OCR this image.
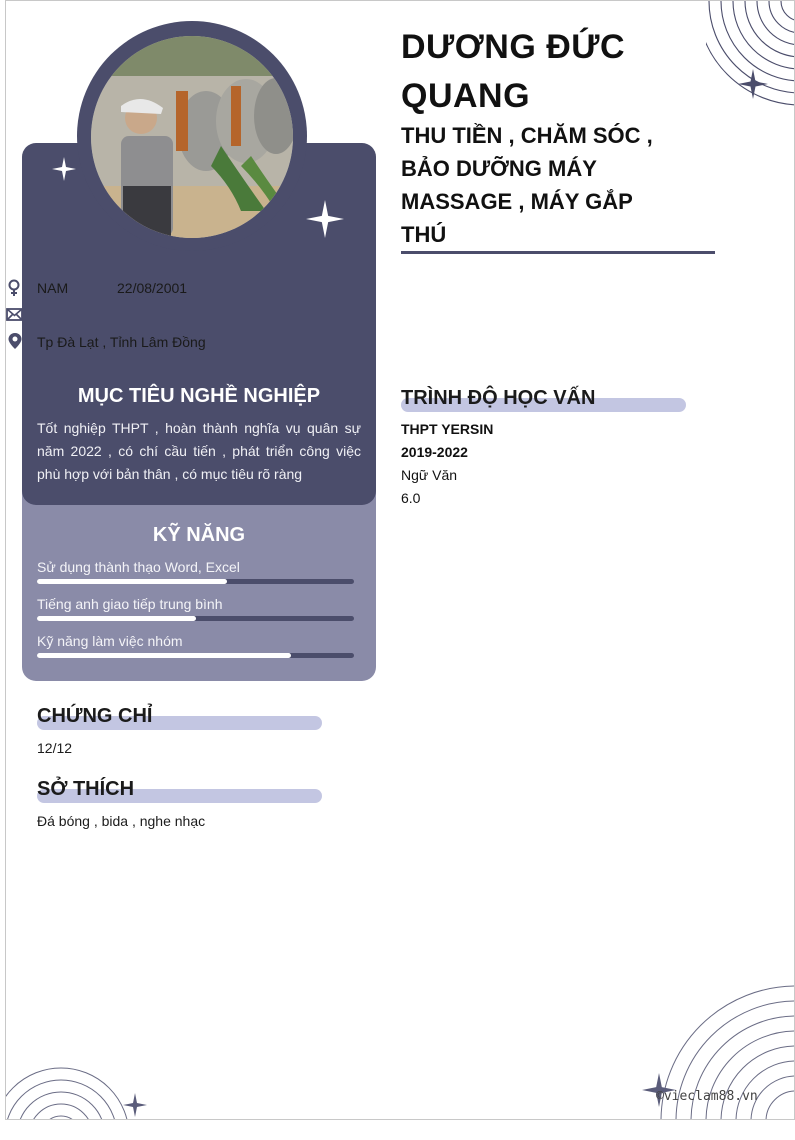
NAM	22/08/2001
Tp Đà Lạt , Tỉnh Lâm Đồng
MỤC TIÊU NGHỀ NGHIỆP
Tốt nghiệp THPT , hoàn thành nghĩa vụ quân sự năm 2022 , có chí cầu tiến , phát triển công việc phù hợp với bản thân , có mục tiêu rõ ràng
KỸ NĂNG
Sử dụng thành thạo Word, Excel
Tiếng anh giao tiếp trung bình
Kỹ năng làm việc nhóm
CHỨNG CHỈ
12/12
SỞ THÍCH
Đá bóng , bida , nghe nhạc
DƯƠNG ĐỨC QUANG
THU TIỀN , CHĂM SÓC , BẢO DƯỠNG MÁY MASSAGE , MÁY GẮP THÚ
TRÌNH ĐỘ HỌC VẤN
THPT YERSIN
2019-2022
Ngữ Văn
6.0
©vieclam88.vn
